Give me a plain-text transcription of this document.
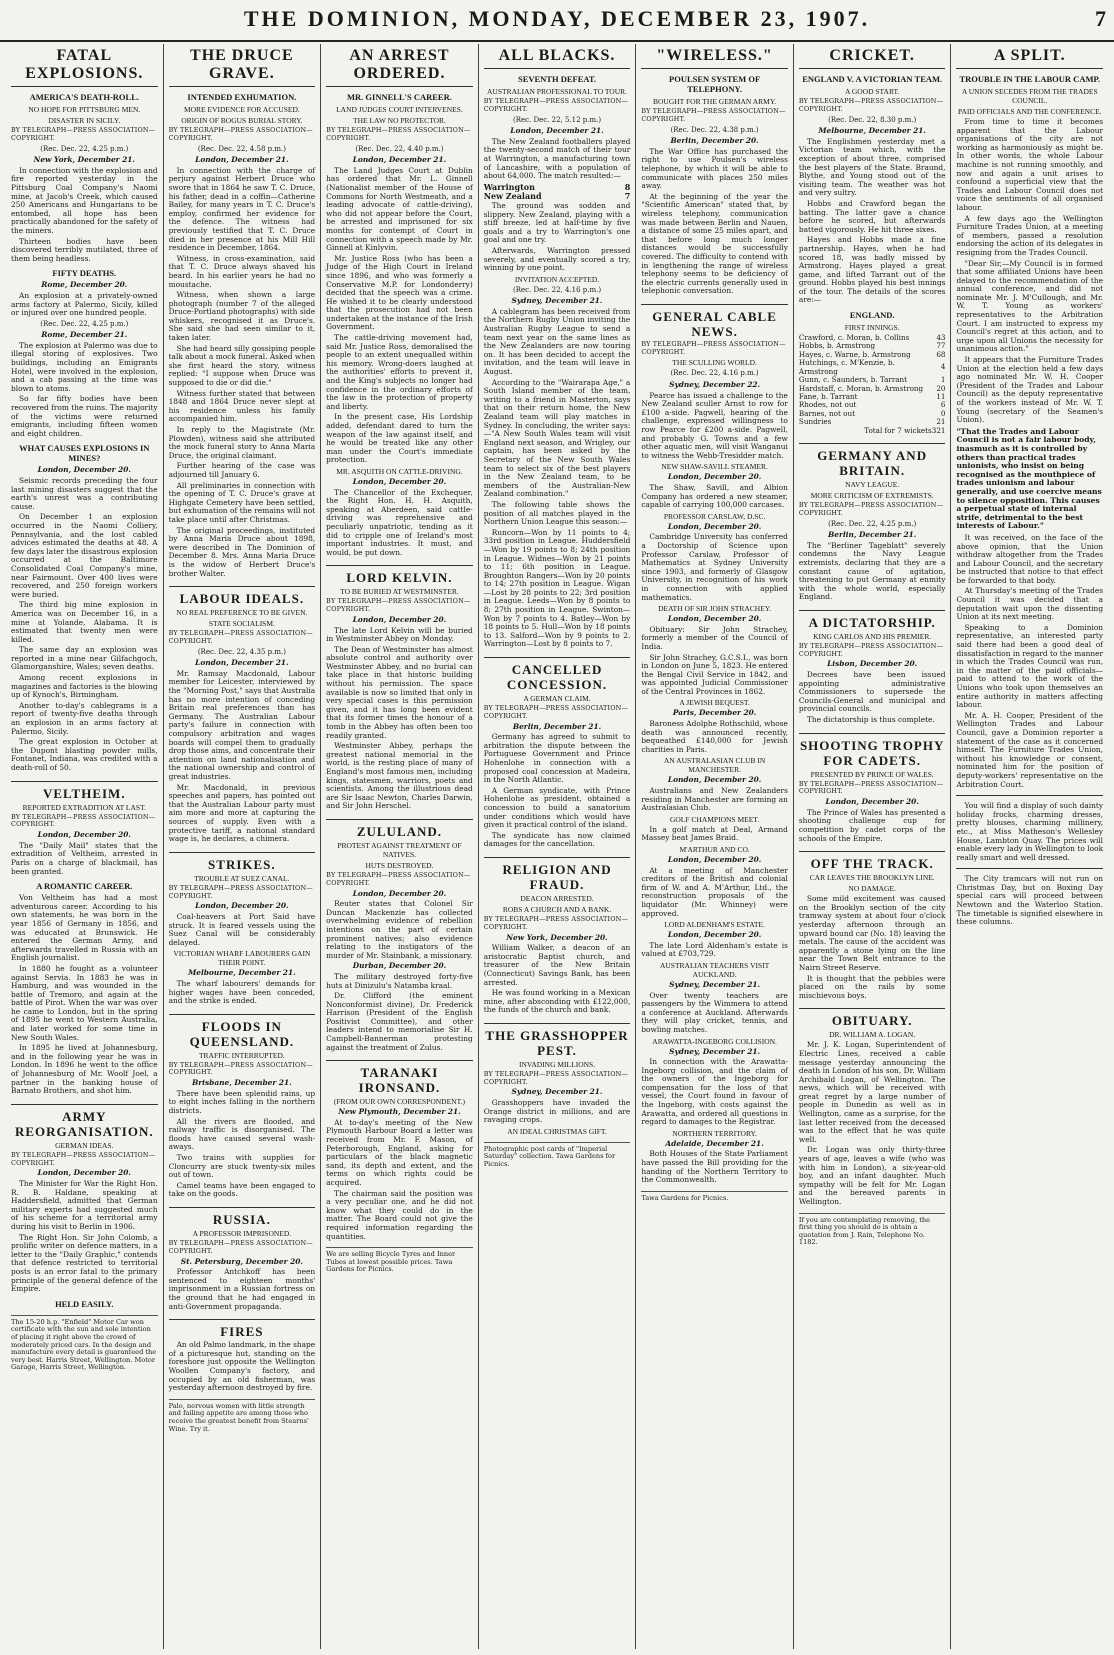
THE DOMINION, MONDAY, DECEMBER 23, 1907.	7
FATAL EXPLOSIONS.
AMERICA'S DEATH-ROLL.
NO HOPE FOR PITTSBURG MEN.
DISASTER IN SICILY.
BY TELEGRAPH—PRESS ASSOCIATION—COPYRIGHT.
(Rec. Dec. 22, 4.25 p.m.)
New York, December 21.

In connection with the explosion and fire reported yesterday in the Pittsburg Coal Company's Naomi mine, at Jacob's Creek, which caused 250 Americans and Hungarians to be entombed, all hope has been practically abandoned for the safety of the miners.

Thirteen bodies have been discovered terribly mutilated, three of them being headless.

FIFTY DEATHS.
Rome, December 20.

An explosion at a privately-owned arms factory at Palermo, Sicily, killed or injured over one hundred people.

(Rec. Dec. 22, 4.25 p.m.)
Rome, December 21.

The explosion at Palermo was due to illegal storing of explosives. Two buildings, including an Emigrants Hotel, were involved in the explosion, and a cab passing at the time was blown to atoms.

So far fifty bodies have been recovered from the ruins. The majority of the victims were returned emigrants, including fifteen women and eight children.

WHAT CAUSES EXPLOSIONS IN MINES?
London, December 20.

Seismic records preceding the four last mining disasters suggest that the earth's unrest was a contributing cause.

On December 1 an explosion occurred in the Naomi Colliery, Pennsylvania, and the lost cabled advices estimated the deaths at 48. A few days later the disastrous explosion occurred at the Baltimore Consolidated Coal Company's mine, near Fairmount. Over 400 lives were recovered, and 250 foreign workers were buried.

The third big mine explosion in America was on December 16, in a mine at Yolande, Alabama. It is estimated that twenty men were killed.

The same day an explosion was reported in a mine near Gilfachgoch, Glamorganshire, Wales; seven deaths.

Among recent explosions in magazines and factories is the blowing up of Kynoch's, Birmingham.

Another to-day's cablegrams is a report of twenty-five deaths through an explosion in an arms factory at Palermo, Sicily.

The great explosion in October at the Dupont blasting powder mills, Fontanet, Indiana, was credited with a death-roll of 50.

VELTHEIM.
REPORTED EXTRADITION AT LAST.
BY TELEGRAPH—PRESS ASSOCIATION—COPYRIGHT.
London, December 20.

The "Daily Mail" states that the extradition of Veltheim, arrested in Paris on a charge of blackmail, has been granted.

A ROMANTIC CAREER.

Von Veltheim has had a most adventurous career. According to his own statements, he was born in the year 1856 of Germany in 1856, and was educated at Brunswick. He entered the German Army, and afterwards travelled in Russia with an English journalist.

In 1880 he fought as a volunteer against Servia. In 1883 he was in Hamburg, and was wounded in the battle of Tremoro, and again at the battle of Pirot. When the war was over he came to London, but in the spring of 1895 he went to Western Australia, and later worked for some time in New South Wales.

In 1895 he lived at Johannesburg, and in the following year he was in London. In 1896 he went to the office of Johannesburg of Mr. Woolf Joel, a partner in the banking house of Barnato Brothers, and shot him.

ARMY REORGANISATION.
GERMAN IDEAS.
BY TELEGRAPH—PRESS ASSOCIATION—COPYRIGHT.
London, December 20.

The Minister for War the Right Hon. R. B. Haldane, speaking at Haddersfield, admitted that German military experts had suggested much of his scheme for a territorial army during his visit to Berlin in 1906.

The Right Hon. Sir John Colomb, a prolific writer on defence matters, in a letter to the "Daily Graphic," contends that defence restricted to territorial posts is an error fatal to the primary principle of the general defence of the Empire.

HELD EASILY.
The 15-20 h.p. "Enfield" Motor Car won certificate with the sun and sole intention of placing it right above the crowd of moderately priced cars. In the design and manufacture every detail is guaranteed the very best. Harris Street, Wellington. Motor Garage, Harris Street, Wellington.
THE DRUCE GRAVE.
INTENDED EXHUMATION.
MORE EVIDENCE FOR ACCUSED.
ORIGIN OF BOGUS BURIAL STORY.
BY TELEGRAPH—PRESS ASSOCIATION—COPYRIGHT.
(Rec. Dec. 22, 4.58 p.m.)
London, December 21.

In connection with the charge of perjury against Herbert Druce who swore that in 1864 he saw T. C. Druce, his father, dead in a coffin—Catherine Bailey, for many years in T. C. Druce's employ, confirmed her evidence for the defence. The witness had previously testified that T. C. Druce died in her presence at his Mill Hill residence in December, 1864.

Witness, in cross-examination, said that T. C. Druce always shaved his beard. In his earlier years he had no moustache.

Witness, when shown a large photograph (number 7 of the alleged Druce-Portland photographs) with side whiskers, recognised it as Druce's. She said she had seen similar to it, taken later.

She had heard silly gossiping people talk about a mock funeral. Asked when she first heard the story, witness replied: "I suppose when Druce was supposed to die or did die."

Witness further stated that between 1848 and 1864 Druce never slept at his residence unless his family accompanied him.

In reply to the Magistrate (Mr. Plowden), witness said she attributed the mock funeral story to Anna Maria Druce, the original claimant.

Further hearing of the case was adjourned till January 6.

All preliminaries in connection with the opening of T. C. Druce's grave at Highgate Cemetery have been settled, but exhumation of the remains will not take place until after Christmas.

The original proceedings, instituted by Anna Maria Druce about 1898, were described in The Dominion of December 8. Mrs. Anna Maria Druce is the widow of Herbert Druce's brother Walter.

LABOUR IDEALS.
NO REAL PREFERENCE TO BE GIVEN.
STATE SOCIALISM.
BY TELEGRAPH—PRESS ASSOCIATION—COPYRIGHT.
(Rec. Dec. 22, 4.35 p.m.)
London, December 21.

Mr. Ramsay Macdonald, Labour member for Leicester, interviewed by the "Morning Post," says that Australia has no more intention of conceding Britain real preferences than has Germany. The Australian Labour party's failure in connection with compulsory arbitration and wages boards will compel them to gradually drop those aims, and concentrate their attention on land nationalisation and the national ownership and control of great industries.

Mr. Macdonald, in previous speeches and papers, has pointed out that the Australian Labour party must aim more and more at capturing the sources of supply. Even with a protective tariff, a national standard wage is, he declares, a chimera.

STRIKES.
TROUBLE AT SUEZ CANAL.
BY TELEGRAPH—PRESS ASSOCIATION—COPYRIGHT.
London, December 20.

Coal-heavers at Port Said have struck. It is feared vessels using the Suez Canal will be considerably delayed.

VICTORIAN WHARF LABOURERS GAIN THEIR POINT.
Melbourne, December 21.

The wharf labourers' demands for higher wages have been conceded, and the strike is ended.

FLOODS IN QUEENSLAND.
TRAFFIC INTERRUPTED.
BY TELEGRAPH—PRESS ASSOCIATION—COPYRIGHT.
Brisbane, December 21.

There have been splendid rains, up to eight inches falling in the northern districts.

All the rivers are flooded, and railway traffic is disorganised. The floods have caused several wash-aways.

Two trains with supplies for Cloncurry are stuck twenty-six miles out of town.

Camel teams have been engaged to take on the goods.

RUSSIA.
A PROFESSOR IMPRISONED.
BY TELEGRAPH—PRESS ASSOCIATION—COPYRIGHT.
St. Petersburg, December 20.

Professor Antchkoff has been sentenced to eighteen months' imprisonment in a Russian fortress on the ground that he had engaged in anti-Government propaganda.

FIRES

An old Palmo landmark, in the shape of a picturesque hut, standing on the foreshore just opposite the Wellington Woollen Company's factory, and occupied by an old fisherman, was yesterday afternoon destroyed by fire.

Palo, nervous women with little strength and failing appetite are among those who receive the greatest benefit from Stearns' Wine. Try it.
AN ARREST ORDERED.
MR. GINNELL'S CAREER.
LAND JUDGES COURT INTERVENES.
THE LAW NO PROTECTOR.
BY TELEGRAPH—PRESS ASSOCIATION—COPYRIGHT.
(Rec. Dec. 22, 4.40 p.m.)
London, December 21.

The Land Judges Court at Dublin has ordered that Mr. L. Ginnell (Nationalist member of the House of Commons for North Westmeath, and a leading advocate of cattle-driving), who did not appear before the Court, be arrested and imprisoned for six months for contempt of Court in connection with a speech made by Mr. Ginnell at Kinlyvin.

Mr. Justice Ross (who has been a Judge of the High Court in Ireland since 1896, and who was formerly a Conservative M.P. for Londonderry) decided that the speech was a crime. He wished it to be clearly understood that the prosecution had not been undertaken at the instance of the Irish Government.

The cattle-driving movement had, said Mr. Justice Ross, demoralised the people to an extent unequalled within his memory. Wrong-doers laughed at the authorities' efforts to prevent it, and the King's subjects no longer had confidence in the ordinary efforts of the law in the protection of property and liberty.

In the present case, His Lordship added, defendant dared to turn the weapon of the law against itself, and he would be treated like any other man under the Court's immediate protection.

MR. ASQUITH ON CATTLE-DRIVING.
London, December 20.

The Chancellor of the Exchequer, the Right Hon. H. H. Asquith, speaking at Aberdeen, said cattle-driving was reprehensive and peculiarly unpatriotic, tending as it did to cripple one of Ireland's most important industries. It must, and would, be put down.

LORD KELVIN.
TO BE BURIED AT WESTMINSTER.
BY TELEGRAPH—PRESS ASSOCIATION—COPYRIGHT.
London, December 20.

The late Lord Kelvin will be buried in Westminster Abbey on Monday.

The Dean of Westminster has almost absolute control and authority over Westminster Abbey, and no burial can take place in that historic building without his permission. The space available is now so limited that only in very special cases is this permission given, and it has long been evident that its former times the honour of a tomb in the Abbey has often been too readily granted.

Westminster Abbey, perhaps the greatest national memorial in the world, is the resting place of many of England's most famous men, including kings, statesmen, warriors, poets and scientists. Among the illustrious dead are Sir Isaac Newton, Charles Darwin, and Sir John Herschel.

ZULULAND.
PROTEST AGAINST TREATMENT OF NATIVES.
HUTS DESTROYED.
BY TELEGRAPH—PRESS ASSOCIATION—COPYRIGHT.
London, December 20.

Reuter states that Colonel Sir Duncan Mackenzie has collected overwhelming evidence of rebellion intentions on the part of certain prominent natives; also evidence relating to the instigators of the murder of Mr. Stainbank, a missionary.

Durban, December 20.

The military destroyed forty-five huts at Dinizulu's Natamba kraal.

Dr. Clifford (the eminent Nonconformist divine), Dr. Frederick Harrison (President of the English Positivist Committee), and other leaders intend to memorialise Sir H. Campbell-Bannerman protesting against the treatment of Zulus.

TARANAKI IRONSAND.
(FROM OUR OWN CORRESPONDENT.)
New Plymouth, December 21.

At to-day's meeting of the New Plymouth Harbour Board a letter was received from Mr. F. Mason, of Peterborough, England, asking for particulars of the black magnetic sand, its depth and extent, and the terms on which rights could be acquired.

The chairman said the position was a very peculiar one, and he did not know what they could do in the matter. The Board could not give the required information regarding the quantities.

We are selling Bicycle Tyres and Inner Tubes at lowest possible prices. Tawa Gardens for Picnics.
ALL BLACKS.
SEVENTH DEFEAT.
AUSTRALIAN PROFESSIONAL TO TOUR.
BY TELEGRAPH—PRESS ASSOCIATION—COPYRIGHT.
(Rec. Dec. 22, 5.12 p.m.)
London, December 21.

The New Zealand footballers played the twenty-second match of their tour at Warrington, a manufacturing town of Lancashire, with a population of about 64,000. The match resulted:—

Warrington	8
New Zealand	7

The ground was sodden and slippery. New Zealand, playing with a stiff breeze, led at half-time by five goals and a try to Warrington's one goal and one try.

Afterwards, Warrington pressed severely, and eventually scored a try, winning by one point.

INVITATION ACCEPTED.
(Rec. Dec. 22, 4.16 p.m.)
Sydney, December 21.

A cablegram has been received from the Northern Rugby Union inviting the Australian Rugby League to send a team next year on the same lines as the New Zealanders are now touring on. It has been decided to accept the invitation, and the team will leave in August.

According to the "Wairarapa Age," a South Island member of the team, writing to a friend in Masterton, says that on their return home, the New Zealand team will play matches in Sydney. In concluding, the writer says:—"A New South Wales team will visit England next season, and Wrigley, our captain, has been asked by the Secretary of the New South Wales team to select six of the best players in the New Zealand team, to be members of the Australian-New Zealand combination."

The following table shows the position of all matches played in the Northern Union League this season:—

Runcorn—Won by 11 points to 4; 33rd position in League. Huddersfield—Won by 19 points to 8; 24th position in League. Widnes—Won by 21 points to 11; 6th position in League. Broughton Rangers—Won by 20 points to 14; 27th position in League. Wigan—Lost by 28 points to 22; 3rd position in League. Leeds—Won by 8 points to 8; 27th position in League. Swinton—Won by 7 points to 4. Batley—Won by 18 points to 5. Hull—Won by 18 points to 13. Salford—Won by 9 points to 2. Warrington—Lost by 8 points to 7.

CANCELLED CONCESSION.
A GERMAN CLAIM.
BY TELEGRAPH—PRESS ASSOCIATION—COPYRIGHT.
Berlin, December 21.

Germany has agreed to submit to arbitration the dispute between the Portuguese Government and Prince Hohenlohe in connection with a proposed coal concession at Madeira, in the North Atlantic.

A German syndicate, with Prince Hohenlohe as president, obtained a concession to build a sanatorium under conditions which would have given it practical control of the island.

The syndicate has now claimed damages for the cancellation.

RELIGION AND FRAUD.
DEACON ARRESTED.
ROBS A CHURCH AND A BANK.
BY TELEGRAPH—PRESS ASSOCIATION—COPYRIGHT.
New York, December 20.

William Walker, a deacon of an aristocratic Baptist church, and treasurer of the New Britain (Connecticut) Savings Bank, has been arrested.

He was found working in a Mexican mine, after absconding with £122,000, the funds of the church and bank.

THE GRASSHOPPER PEST.
INVADING MILLIONS.
BY TELEGRAPH—PRESS ASSOCIATION—COPYRIGHT.
Sydney, December 21.

Grasshoppers have invaded the Orange district in millions, and are ravaging crops.

AN IDEAL CHRISTMAS GIFT.
Photographic post cards of "Imperial Saturday" collection. Tawa Gardens for Picnics.
"WIRELESS."
POULSEN SYSTEM OF TELEPHONY.
BOUGHT FOR THE GERMAN ARMY.
BY TELEGRAPH—PRESS ASSOCIATION—COPYRIGHT.
(Rec. Dec. 22, 4.38 p.m.)
Berlin, December 20.

The War Office has purchased the right to use Poulsen's wireless telephone, by which it will be able to communicate with places 250 miles away.

At the beginning of the year the "Scientific American" stated that, by wireless telephony, communication was made between Berlin and Nauen, a distance of some 25 miles apart, and that before long much longer distances would be successfully covered. The difficulty to contend with in lengthening the range of wireless telephony seems to be deficiency of the electric currents generally used in telephonic conversation.

GENERAL CABLE NEWS.
BY TELEGRAPH—PRESS ASSOCIATION—COPYRIGHT.
THE SCULLING WORLD.
(Rec. Dec. 22, 4.16 p.m.)
Sydney, December 22.

Pearce has issued a challenge to the New Zealand sculler Arnst to row for £100 a-side. Pagwell, hearing of the challenge, expressed willingness to row Pearce for £200 a-side. Pagwell, and probably G. Towns and a few other aquatic men, will visit Wanganui to witness the Webb-Tresidder match.

NEW SHAW-SAVILL STEAMER.
London, December 20.

The Shaw, Savill, and Albion Company has ordered a new steamer, capable of carrying 100,000 carcases.

PROFESSOR CARSLAW, D.SC.
London, December 20.

Cambridge University has conferred a Doctorship of Science upon Professor Carslaw, Professor of Mathematics at Sydney University since 1903, and formerly of Glasgow University, in recognition of his work in connection with applied mathematics.

DEATH OF SIR JOHN STRACHEY.
London, December 20.

Obituary: Sir John Strachey, formerly a member of the Council of India.

Sir John Strachey, G.C.S.I., was born in London on June 5, 1823. He entered the Bengal Civil Service in 1842, and was appointed Judicial Commissioner of the Central Provinces in 1862.

A JEWISH BEQUEST.
Paris, December 20.

Baroness Adolphe Rothschild, whose death was announced recently, bequeathed £140,000 for Jewish charities in Paris.

AN AUSTRALASIAN CLUB IN MANCHESTER.
London, December 20.

Australians and New Zealanders residing in Manchester are forming an Australasian Club.

GOLF CHAMPIONS MEET.

In a golf match at Deal, Armand Massey beat James Braid.

M'ARTHUR AND CO.
London, December 20.

At a meeting of Manchester creditors of the British and colonial firm of W. and A. M'Arthur, Ltd., the reconstruction proposals of the liquidator (Mr. Whinney) were approved.

LORD ALDENHAM'S ESTATE.
London, December 20.

The late Lord Aldenham's estate is valued at £703,729.

AUSTRALIAN TEACHERS VISIT AUCKLAND.
Sydney, December 21.

Over twenty teachers are passengers by the Wimmera to attend a conference at Auckland. Afterwards they will play cricket, tennis, and bowling matches.

ARAWATTA-INGEBORG COLLISION.
Sydney, December 21.

In connection with the Arawatta-Ingeborg collision, and the claim of the owners of the Ingeborg for compensation for the loss of that vessel, the Court found in favour of the Ingeborg, with costs against the Arawatta, and ordered all questions in regard to damages to the Registrar.

NORTHERN TERRITORY.
Adelaide, December 21.

Both Houses of the State Parliament have passed the Bill providing for the handing of the Northern Territory to the Commonwealth.

Tawa Gardens for Picnics.
CRICKET.
ENGLAND V. A VICTORIAN TEAM.
A GOOD START.
BY TELEGRAPH—PRESS ASSOCIATION—COPYRIGHT.
(Rec. Dec. 22, 8.30 p.m.)
Melbourne, December 21.

The Englishmen yesterday met a Victorian team which, with the exception of about three, comprised the best players of the State. Braund, Blythe, and Young stood out of the visiting team. The weather was hot and very sultry.

Hobbs and Crawford began the batting. The latter gave a chance before he scored, but afterwards batted vigorously. He hit three sixes.

Hayes and Hobbs made a fine partnership. Hayes, when he had scored 18, was badly missed by Armstrong. Hayes played a great game, and lifted Tarrant out of the ground. Hobbs played his best innings of the tour. The details of the scores are:—

ENGLAND.
FIRST INNINGS.
Crawford, c. Moran, b. Collins	43
Hobbs, b. Armstrong	77
Hayes, c. Warne, b. Armstrong	68
Hutchings, c. M'Kenzie, b. Armstrong	4
Gunn, c. Saunders, b. Tarrant	1
Hardstaff, c. Moran, b. Armstrong	20
Fane, b. Tarrant	11
Rhodes, not out	6
Barnes, not out	0
Sundries	21
Total for 7 wickets	321
GERMANY AND BRITAIN.
NAVY LEAGUE.
MORE CRITICISM OF EXTREMISTS.
BY TELEGRAPH—PRESS ASSOCIATION—COPYRIGHT.
(Rec. Dec. 22, 4.25 p.m.)
Berlin, December 21.

The "Berliner Tageblatt" severely condemns the Navy League extremists, declaring that they are a constant cause of agitation, threatening to put Germany at enmity with the whole world, especially England.

A DICTATORSHIP.
KING CARLOS AND HIS PREMIER.
BY TELEGRAPH—PRESS ASSOCIATION—COPYRIGHT.
Lisbon, December 20.

Decrees have been issued appointing administrative Commissioners to supersede the Councils-General and municipal and provincial councils.

The dictatorship is thus complete.

SHOOTING TROPHY FOR CADETS.
PRESENTED BY PRINCE OF WALES.
BY TELEGRAPH—PRESS ASSOCIATION—COPYRIGHT.
London, December 20.

The Prince of Wales has presented a shooting challenge cup for competition by cadet corps of the schools of the Empire.

OFF THE TRACK.
CAR LEAVES THE BROOKLYN LINE.
NO DAMAGE.

Some mild excitement was caused on the Brooklyn section of the city tramway system at about four o'clock yesterday afternoon through an upward bound car (No. 18) leaving the metals. The cause of the accident was apparently a stone lying on the line near the Town Belt entrance to the Nairn Street Reserve.

It is thought that the pebbles were placed on the rails by some mischievous boys.

OBITUARY.
DR. WILLIAM A. LOGAN.

Mr. J. K. Logan, Superintendent of Electric Lines, received a cable message yesterday announcing the death in London of his son, Dr. William Archibald Logan, of Wellington. The news, which will be received with great regret by a large number of people in Dunedin as well as in Wellington, came as a surprise, for the last letter received from the deceased was to the effect that he was quite well.

Dr. Logan was only thirty-three years of age, leaves a wife (who was with him in London), a six-year-old boy, and an infant daughter. Much sympathy will be felt for Mr. Logan and the bereaved parents in Wellington.

If you are contemplating removing, the first thing you should do is obtain a quotation from J. Rain, Telephone No. 1182.
A SPLIT.
TROUBLE IN THE LABOUR CAMP.
A UNION SECEDES FROM THE TRADES COUNCIL.
PAID OFFICIALS AND THE CONFERENCE.

From time to time it becomes apparent that the Labour organisations of the city are not working as harmoniously as might be. In other words, the whole Labour machine is not running smoothly, and now and again a unit arises to confound a superficial view that the Trades and Labour Council does not voice the sentiments of all organised labour.

A few days ago the Wellington Furniture Trades Union, at a meeting of members, passed a resolution endorsing the action of its delegates in resigning from the Trades Council.

"Dear Sir,—My Council is in formed that some affiliated Unions have been delayed to the recommendation of the annual conference, and did not nominate Mr. J. M'Cullough, and Mr. W. T. Young as workers' representatives to the Arbitration Court. I am instructed to express my Council's regret at this action, and to urge upon all Unions the necessity for unanimous action."

It appears that the Furniture Trades Union at the election held a few days ago nominated Mr. W. H. Cooper (President of the Trades and Labour Council) as the deputy representative of the workers instead of Mr. W. T. Young (secretary of the Seamen's Union).

"That the Trades and Labour Council is not a fair labour body, inasmuch as it is controlled by others than practical trades unionists, who insist on being recognised as the mouthpiece of trades unionism and labour generally, and use coercive means to silence opposition. This causes a perpetual state of internal strife, detrimental to the best interests of Labour."

It was received, on the face of the above opinion, that the Union withdraw altogether from the Trades and Labour Council, and the secretary be instructed that notice to that effect be forwarded to that body.

At Thursday's meeting of the Trades Council it was decided that a deputation wait upon the dissenting Union at its next meeting.

Speaking to a Dominion representative, an interested party said there had been a good deal of dissatisfaction in regard to the manner in which the Trades Council was run, in the matter of the paid officials—paid to attend to the work of the Unions who took upon themselves an entire authority in matters affecting labour.

Mr. A. H. Cooper, President of the Wellington Trades and Labour Council, gave a Dominion reporter a statement of the case as it concerned himself. The Furniture Trades Union, without his knowledge or consent, nominated him for the position of deputy-workers' representative on the Arbitration Court.

You will find a display of such dainty holiday frocks, charming dresses, pretty blouses, charming millinery, etc., at Miss Matheson's Wellesley House, Lambton Quay. The prices will enable every lady in Wellington to look really smart and well dressed.

The City tramcars will not run on Christmas Day, but on Boxing Day special cars will proceed between Newtown and the Waterloo Station. The timetable is signified elsewhere in these columns.
